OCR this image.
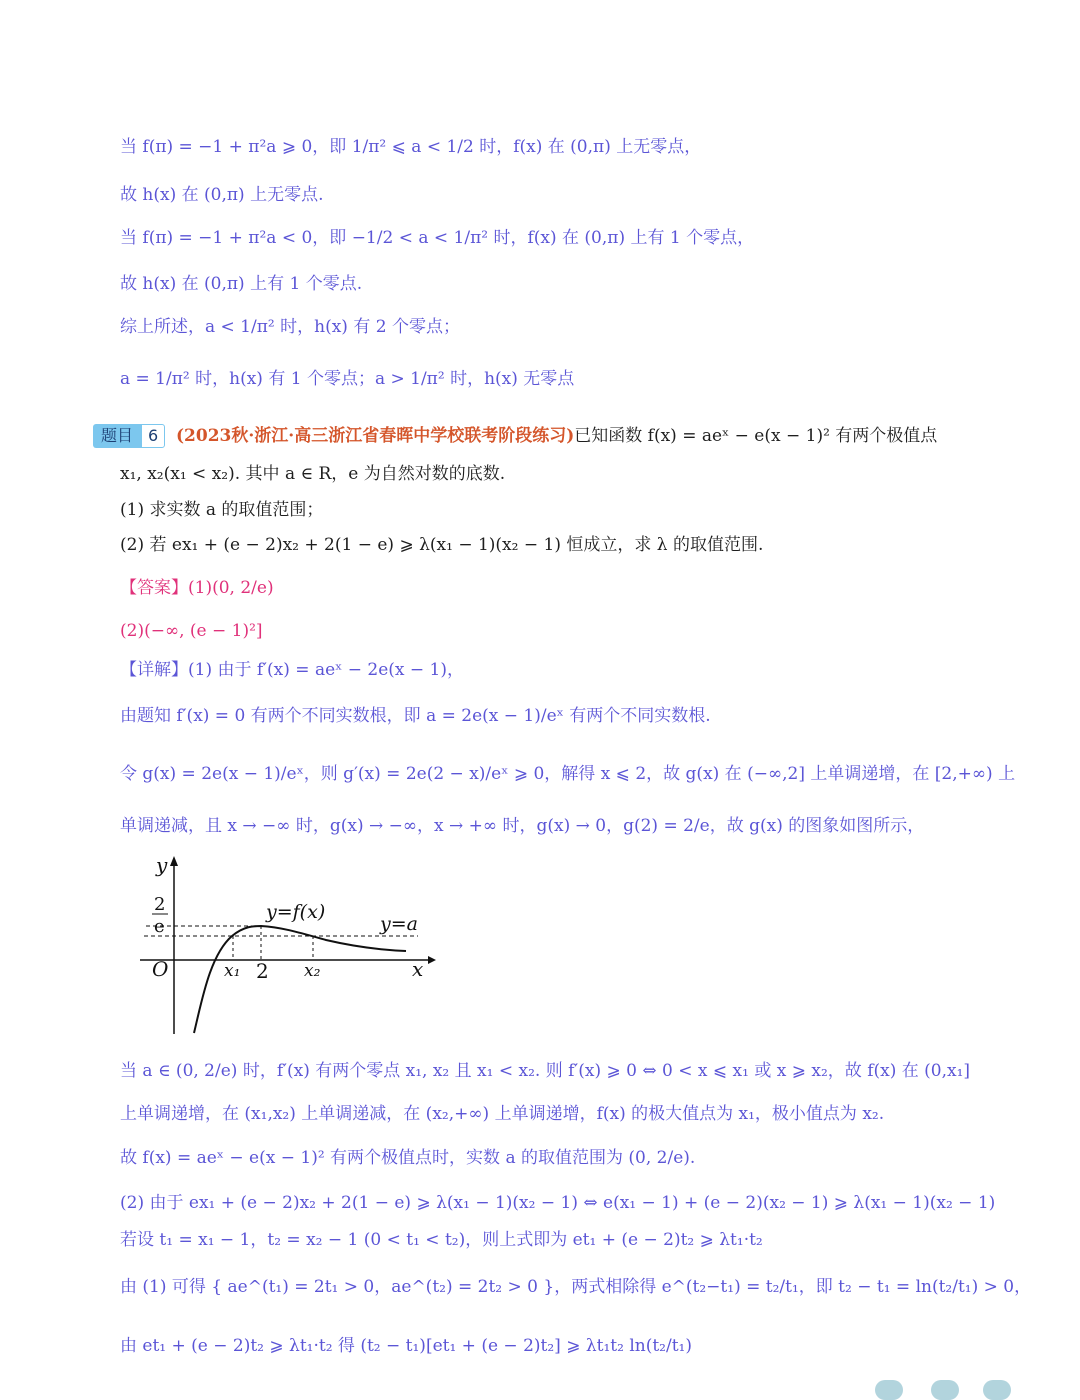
当 f(π) = −1 + π²a ⩾ 0，即 1/π² ⩽ a < 1/2 时，f(x) 在 (0,π) 上无零点，
故 h(x) 在 (0,π) 上无零点.
当 f(π) = −1 + π²a < 0，即 −1/2 < a < 1/π² 时，f(x) 在 (0,π) 上有 1 个零点，
故 h(x) 在 (0,π) 上有 1 个零点.
综上所述，a < 1/π² 时，h(x) 有 2 个零点；
a = 1/π² 时，h(x) 有 1 个零点；a > 1/π² 时，h(x) 无零点
题目 6	(2023秋·浙江·高三浙江省春晖中学校联考阶段练习)已知函数 f(x) = aeˣ − e(x − 1)² 有两个极值点
x₁, x₂(x₁ < x₂). 其中 a ∈ R，e 为自然对数的底数.
(1) 求实数 a 的取值范围；
(2) 若 ex₁ + (e − 2)x₂ + 2(1 − e) ⩾ λ(x₁ − 1)(x₂ − 1) 恒成立，求 λ 的取值范围.
【答案】(1)(0, 2/e)
(2)(−∞, (e − 1)²]
【详解】(1) 由于 f′(x) = aeˣ − 2e(x − 1)，
由题知 f′(x) = 0 有两个不同实数根，即 a = 2e(x − 1)/eˣ 有两个不同实数根.
令 g(x) = 2e(x − 1)/eˣ，则 g′(x) = 2e(2 − x)/eˣ ⩾ 0，解得 x ⩽ 2，故 g(x) 在 (−∞,2] 上单调递增，在 [2,+∞) 上
单调递减，且 x → −∞ 时，g(x) → −∞，x → +∞ 时，g(x) → 0，g(2) = 2/e，故 g(x) 的图象如图所示，
y
x
O
2
e
x₁ 2 x₂
y=f(x)
y=a
当 a ∈ (0, 2/e) 时，f′(x) 有两个零点 x₁, x₂ 且 x₁ < x₂. 则 f′(x) ⩾ 0 ⇔ 0 < x ⩽ x₁ 或 x ⩾ x₂，故 f(x) 在 (0,x₁]
上单调递增，在 (x₁,x₂) 上单调递减，在 (x₂,+∞) 上单调递增，f(x) 的极大值点为 x₁，极小值点为 x₂.
故 f(x) = aeˣ − e(x − 1)² 有两个极值点时，实数 a 的取值范围为 (0, 2/e).
(2) 由于 ex₁ + (e − 2)x₂ + 2(1 − e) ⩾ λ(x₁ − 1)(x₂ − 1) ⇔ e(x₁ − 1) + (e − 2)(x₂ − 1) ⩾ λ(x₁ − 1)(x₂ − 1)
若设 t₁ = x₁ − 1，t₂ = x₂ − 1 (0 < t₁ < t₂)，则上式即为 et₁ + (e − 2)t₂ ⩾ λt₁·t₂
由 (1) 可得 { ae^(t₁) = 2t₁ > 0，ae^(t₂) = 2t₂ > 0 }，两式相除得 e^(t₂−t₁) = t₂/t₁，即 t₂ − t₁ = ln(t₂/t₁) > 0，
由 et₁ + (e − 2)t₂ ⩾ λt₁·t₂ 得 (t₂ − t₁)[et₁ + (e − 2)t₂] ⩾ λt₁t₂ ln(t₂/t₁)
